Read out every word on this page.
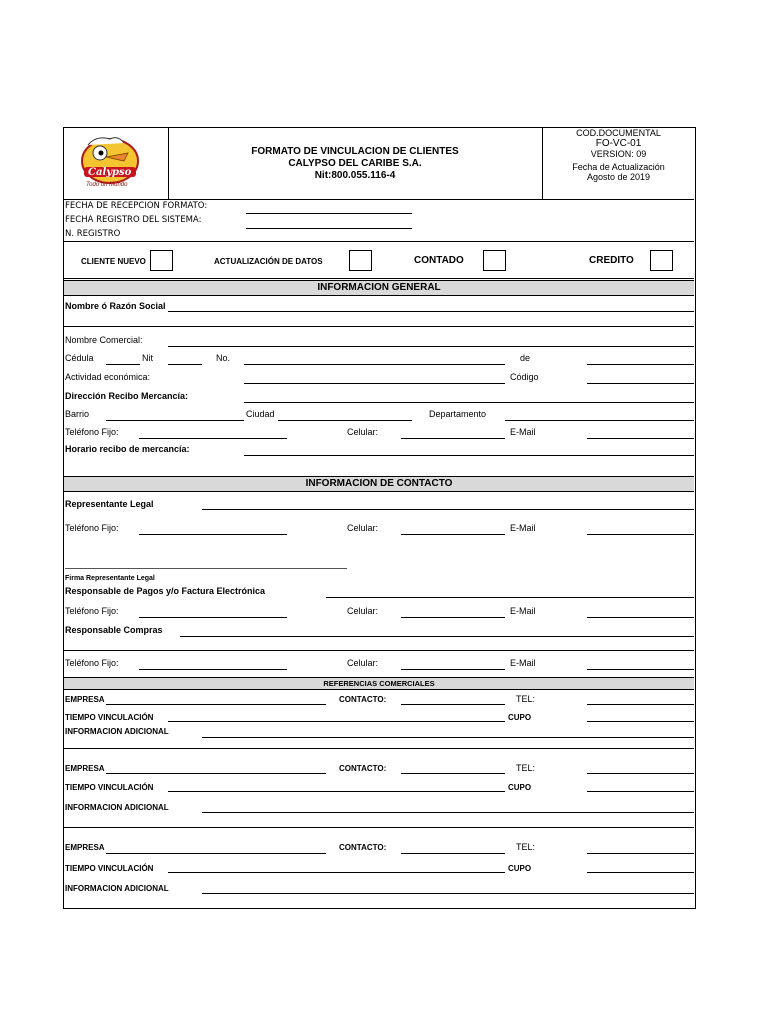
Calypso
Todo un Mundo
FORMATO DE VINCULACION DE CLIENTES
CALYPSO DEL CARIBE S.A.
Nit:800.055.116-4
COD.DOCUMENTAL
FO-VC-01
VERSION: 09
Fecha de Actualización
Agosto de 2019
FECHA DE RECEPCION FORMATO:
FECHA REGISTRO DEL SISTEMA:
N. REGISTRO
CLIENTE NUEVO	ACTUALIZACIÓN DE DATOS	CONTADO	CREDITO
INFORMACION GENERAL
Nombre ó Razón Social
Nombre Comercial:
Cédula	Nit	No.	de
Actividad económica:	Código
Dirección Recibo Mercancía:
Barrio	Ciudad	Departamento
Teléfono Fijo:	Celular:	E-Mail
Horario recibo de mercancía:
INFORMACION DE CONTACTO
Representante Legal
Teléfono Fijo:	Celular:	E-Mail
Firma Representante Legal
Responsable de Pagos y/o Factura Electrónica
Teléfono Fijo:	Celular:	E-Mail
Responsable Compras
Teléfono Fijo:	Celular:	E-Mail
REFERENCIAS COMERCIALES
EMPRESA	CONTACTO:	TEL:
TIEMPO VINCULACIÓN	CUPO
INFORMACION ADICIONAL
EMPRESA	CONTACTO:	TEL:
TIEMPO VINCULACIÓN	CUPO
INFORMACION ADICIONAL
EMPRESA	CONTACTO:	TEL:
TIEMPO VINCULACIÓN	CUPO
INFORMACION ADICIONAL
